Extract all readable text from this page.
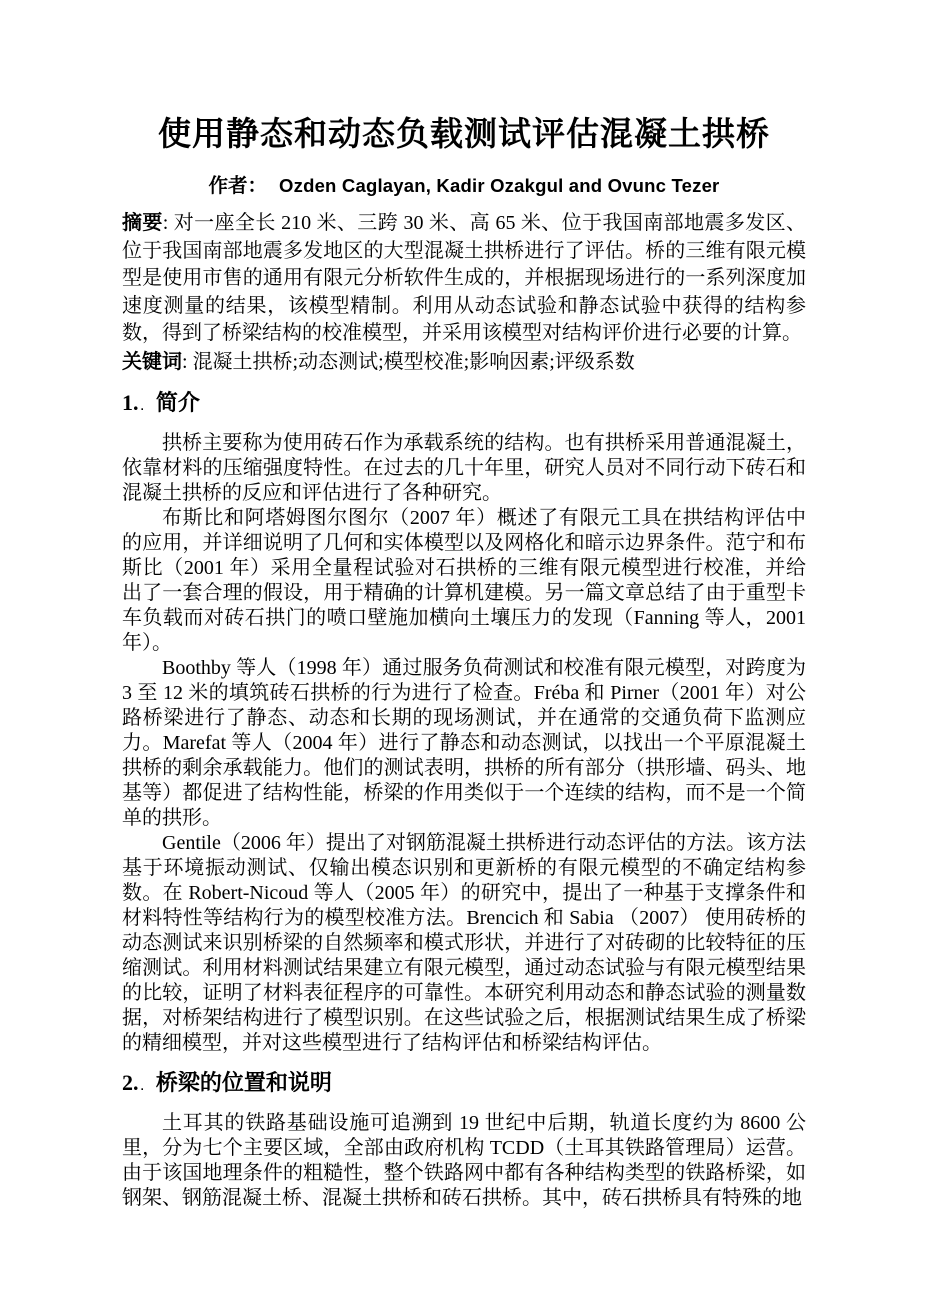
使用静态和动态负载测试评估混凝土拱桥

作者： Ozden Caglayan, Kadir Ozakgul and Ovunc Tezer

摘要: 对一座全长 210 米、三跨 30 米、高 65 米、位于我国南部地震多发区、位于我国南部地震多发地区的大型混凝土拱桥进行了评估。桥的三维有限元模型是使用市售的通用有限元分析软件生成的，并根据现场进行的一系列深度加速度测量的结果，该模型精制。利用从动态试验和静态试验中获得的结构参数，得到了桥梁结构的校准模型，并采用该模型对结构评价进行必要的计算。

关键词: 混凝土拱桥;动态测试;模型校准;影响因素;评级系数

1. . 简介

拱桥主要称为使用砖石作为承载系统的结构。也有拱桥采用普通混凝土，依靠材料的压缩强度特性。在过去的几十年里，研究人员对不同行动下砖石和混凝土拱桥的反应和评估进行了各种研究。

布斯比和阿塔姆图尔图尔（2007 年）概述了有限元工具在拱结构评估中的应用，并详细说明了几何和实体模型以及网格化和暗示边界条件。范宁和布斯比（2001 年）采用全量程试验对石拱桥的三维有限元模型进行校准，并给出了一套合理的假设，用于精确的计算机建模。另一篇文章总结了由于重型卡车负载而对砖石拱门的喷口壁施加横向土壤压力的发现（Fanning 等人，2001 年）。

Boothby 等人（1998 年）通过服务负荷测试和校准有限元模型，对跨度为 3 至 12 米的填筑砖石拱桥的行为进行了检查。Fréba 和 Pirner（2001 年）对公路桥梁进行了静态、动态和长期的现场测试，并在通常的交通负荷下监测应力。Marefat 等人（2004 年）进行了静态和动态测试，以找出一个平原混凝土拱桥的剩余承载能力。他们的测试表明，拱桥的所有部分（拱形墙、码头、地基等）都促进了结构性能，桥梁的作用类似于一个连续的结构，而不是一个简单的拱形。

Gentile（2006 年）提出了对钢筋混凝土拱桥进行动态评估的方法。该方法基于环境振动测试、仅输出模态识别和更新桥的有限元模型的不确定结构参数。在 Robert-Nicoud 等人（2005 年）的研究中，提出了一种基于支撑条件和材料特性等结构行为的模型校准方法。Brencich 和 Sabia （2007） 使用砖桥的动态测试来识别桥梁的自然频率和模式形状，并进行了对砖砌的比较特征的压缩测试。利用材料测试结果建立有限元模型，通过动态试验与有限元模型结果的比较，证明了材料表征程序的可靠性。本研究利用动态和静态试验的测量数据，对桥架结构进行了模型识别。在这些试验之后，根据测试结果生成了桥梁的精细模型，并对这些模型进行了结构评估和桥梁结构评估。

2. . 桥梁的位置和说明

土耳其的铁路基础设施可追溯到 19 世纪中后期，轨道长度约为 8600 公里，分为七个主要区域，全部由政府机构 TCDD（土耳其铁路管理局）运营。由于该国地理条件的粗糙性，整个铁路网中都有各种结构类型的铁路桥梁，如钢架、钢筋混凝土桥、混凝土拱桥和砖石拱桥。其中，砖石拱桥具有特殊的地
